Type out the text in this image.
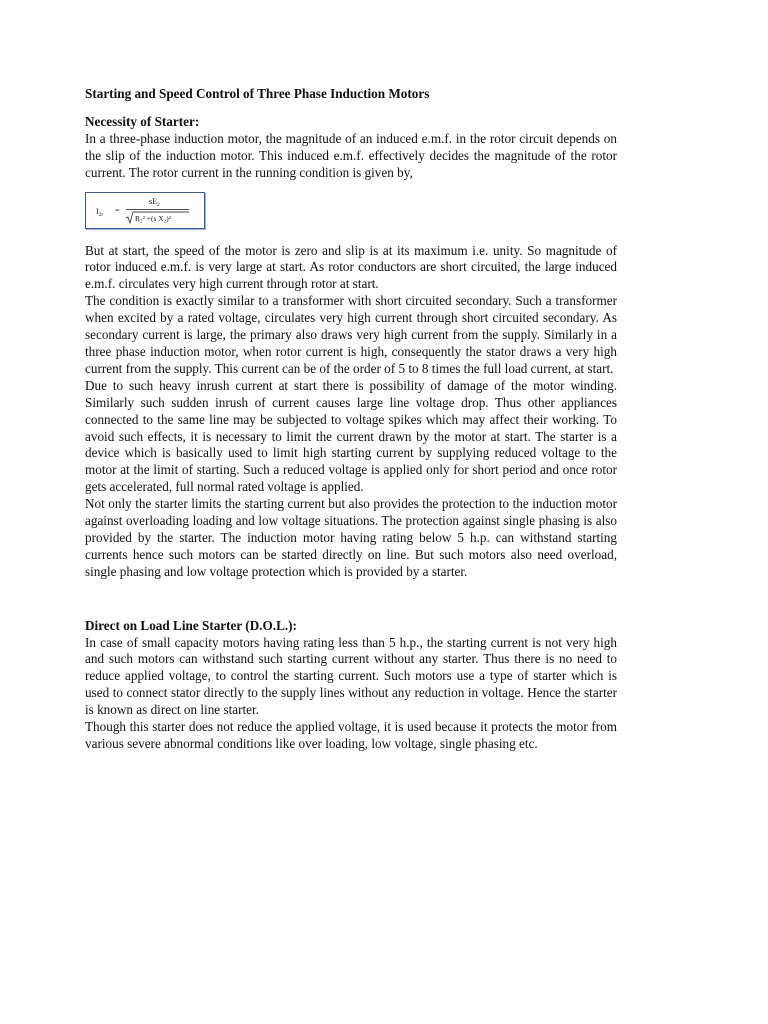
Starting and Speed Control of Three Phase Induction Motors
Necessity of Starter:

In a three-phase induction motor, the magnitude of an induced e.m.f. in the rotor circuit depends on the slip of the induction motor. This induced e.m.f. effectively decides the magnitude of the rotor current. The rotor current in the running condition is given by,

$I_{2r}$ =
$sE_2$
R₂² +(s X₂)²

But at start, the speed of the motor is zero and slip is at its maximum i.e. unity. So magnitude of rotor induced e.m.f. is very large at start. As rotor conductors are short circuited, the large induced e.m.f. circulates very high current through rotor at start.

The condition is exactly similar to a transformer with short circuited secondary. Such a transformer when excited by a rated voltage, circulates very high current through short circuited secondary. As secondary current is large, the primary also draws very high current from the supply. Similarly in a three phase induction motor, when rotor current is high, consequently the stator draws a very high current from the supply. This current can be of the order of 5 to 8 times the full load current, at start.

Due to such heavy inrush current at start there is possibility of damage of the motor winding. Similarly such sudden inrush of current causes large line voltage drop. Thus other appliances connected to the same line may be subjected to voltage spikes which may affect their working. To avoid such effects, it is necessary to limit the current drawn by the motor at start. The starter is a device which is basically used to limit high starting current by supplying reduced voltage to the motor at the limit of starting. Such a reduced voltage is applied only for short period and once rotor gets accelerated, full normal rated voltage is applied.

Not only the starter limits the starting current but also provides the protection to the induction motor against overloading loading and low voltage situations. The protection against single phasing is also provided by the starter. The induction motor having rating below 5 h.p. can withstand starting currents hence such motors can be started directly on line. But such motors also need overload, single phasing and low voltage protection which is provided by a starter.

Direct on Load Line Starter (D.O.L.):

In case of small capacity motors having rating less than 5 h.p., the starting current is not very high and such motors can withstand such starting current without any starter. Thus there is no need to reduce applied voltage, to control the starting current. Such motors use a type of starter which is used to connect stator directly to the supply lines without any reduction in voltage. Hence the starter is known as direct on line starter.

Though this starter does not reduce the applied voltage, it is used because it protects the motor from various severe abnormal conditions like over loading, low voltage, single phasing etc.
